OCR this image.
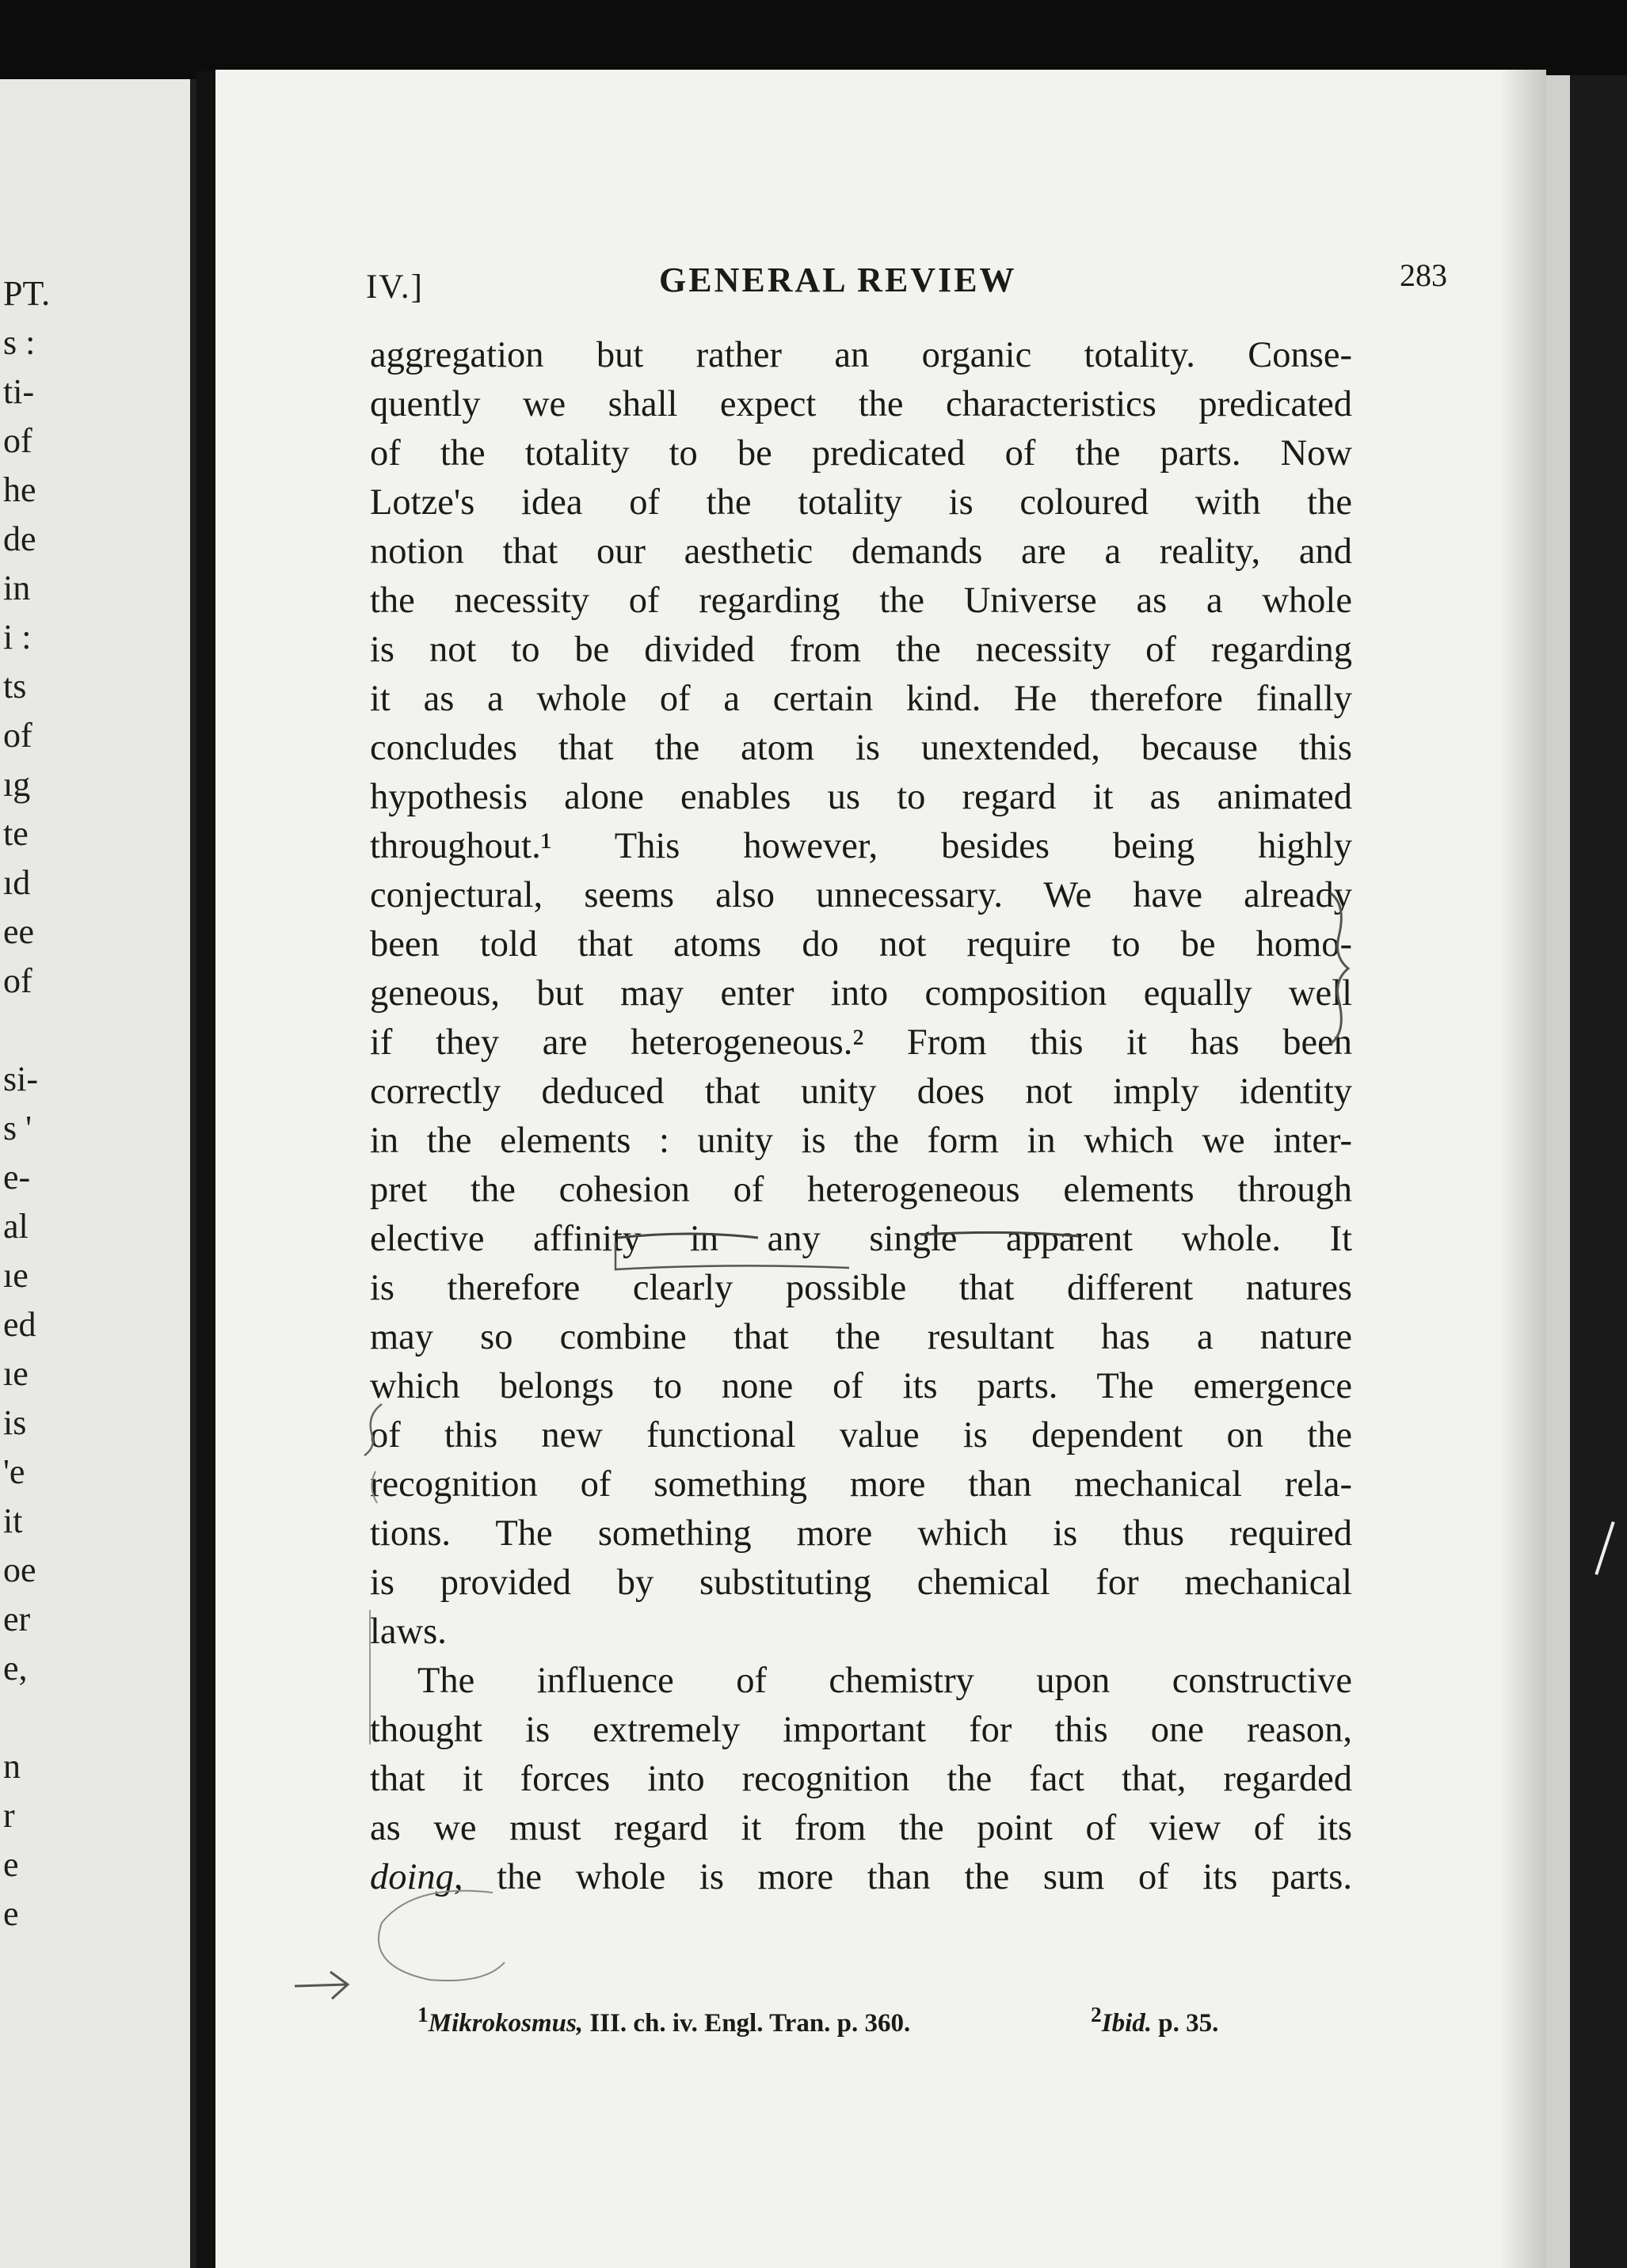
PT.
s :
ti-
of
he
de
in
i :
ts
of
ıg
te
ıd
ee
of

si-
s '
e-
al
ıe
ed
ıe
is
'e
it
oe
er
e,

n
r
e
e
IV.]	GENERAL REVIEW	283
aggregation but rather an organic totality. Conse-
quently we shall expect the characteristics predicated
of the totality to be predicated of the parts. Now
Lotze's idea of the totality is coloured with the
notion that our aesthetic demands are a reality, and
the necessity of regarding the Universe as a whole
is not to be divided from the necessity of regarding
it as a whole of a certain kind. He therefore finally
concludes that the atom is unextended, because this
hypothesis alone enables us to regard it as animated
throughout.¹ This however, besides being highly
conjectural, seems also unnecessary. We have already
been told that atoms do not require to be homo-
geneous, but may enter into composition equally well
if they are heterogeneous.² From this it has been
correctly deduced that unity does not imply identity
in the elements : unity is the form in which we inter-
pret the cohesion of heterogeneous elements through
elective affinity in any single apparent whole. It
is therefore clearly possible that different natures
may so combine that the resultant has a nature
which belongs to none of its parts. The emergence
of this new functional value is dependent on the
recognition of something more than mechanical rela-
tions. The something more which is thus required
is provided by substituting chemical for mechanical
laws.
The influence of chemistry upon constructive
thought is extremely important for this one reason,
that it forces into recognition the fact that, regarded
as we must regard it from the point of view of its
doing, the whole is more than the sum of its parts.
$^1$Mikrokosmus, III. ch. iv. Engl. Tran. p. 360.	$^2$Ibid. p. 35.
